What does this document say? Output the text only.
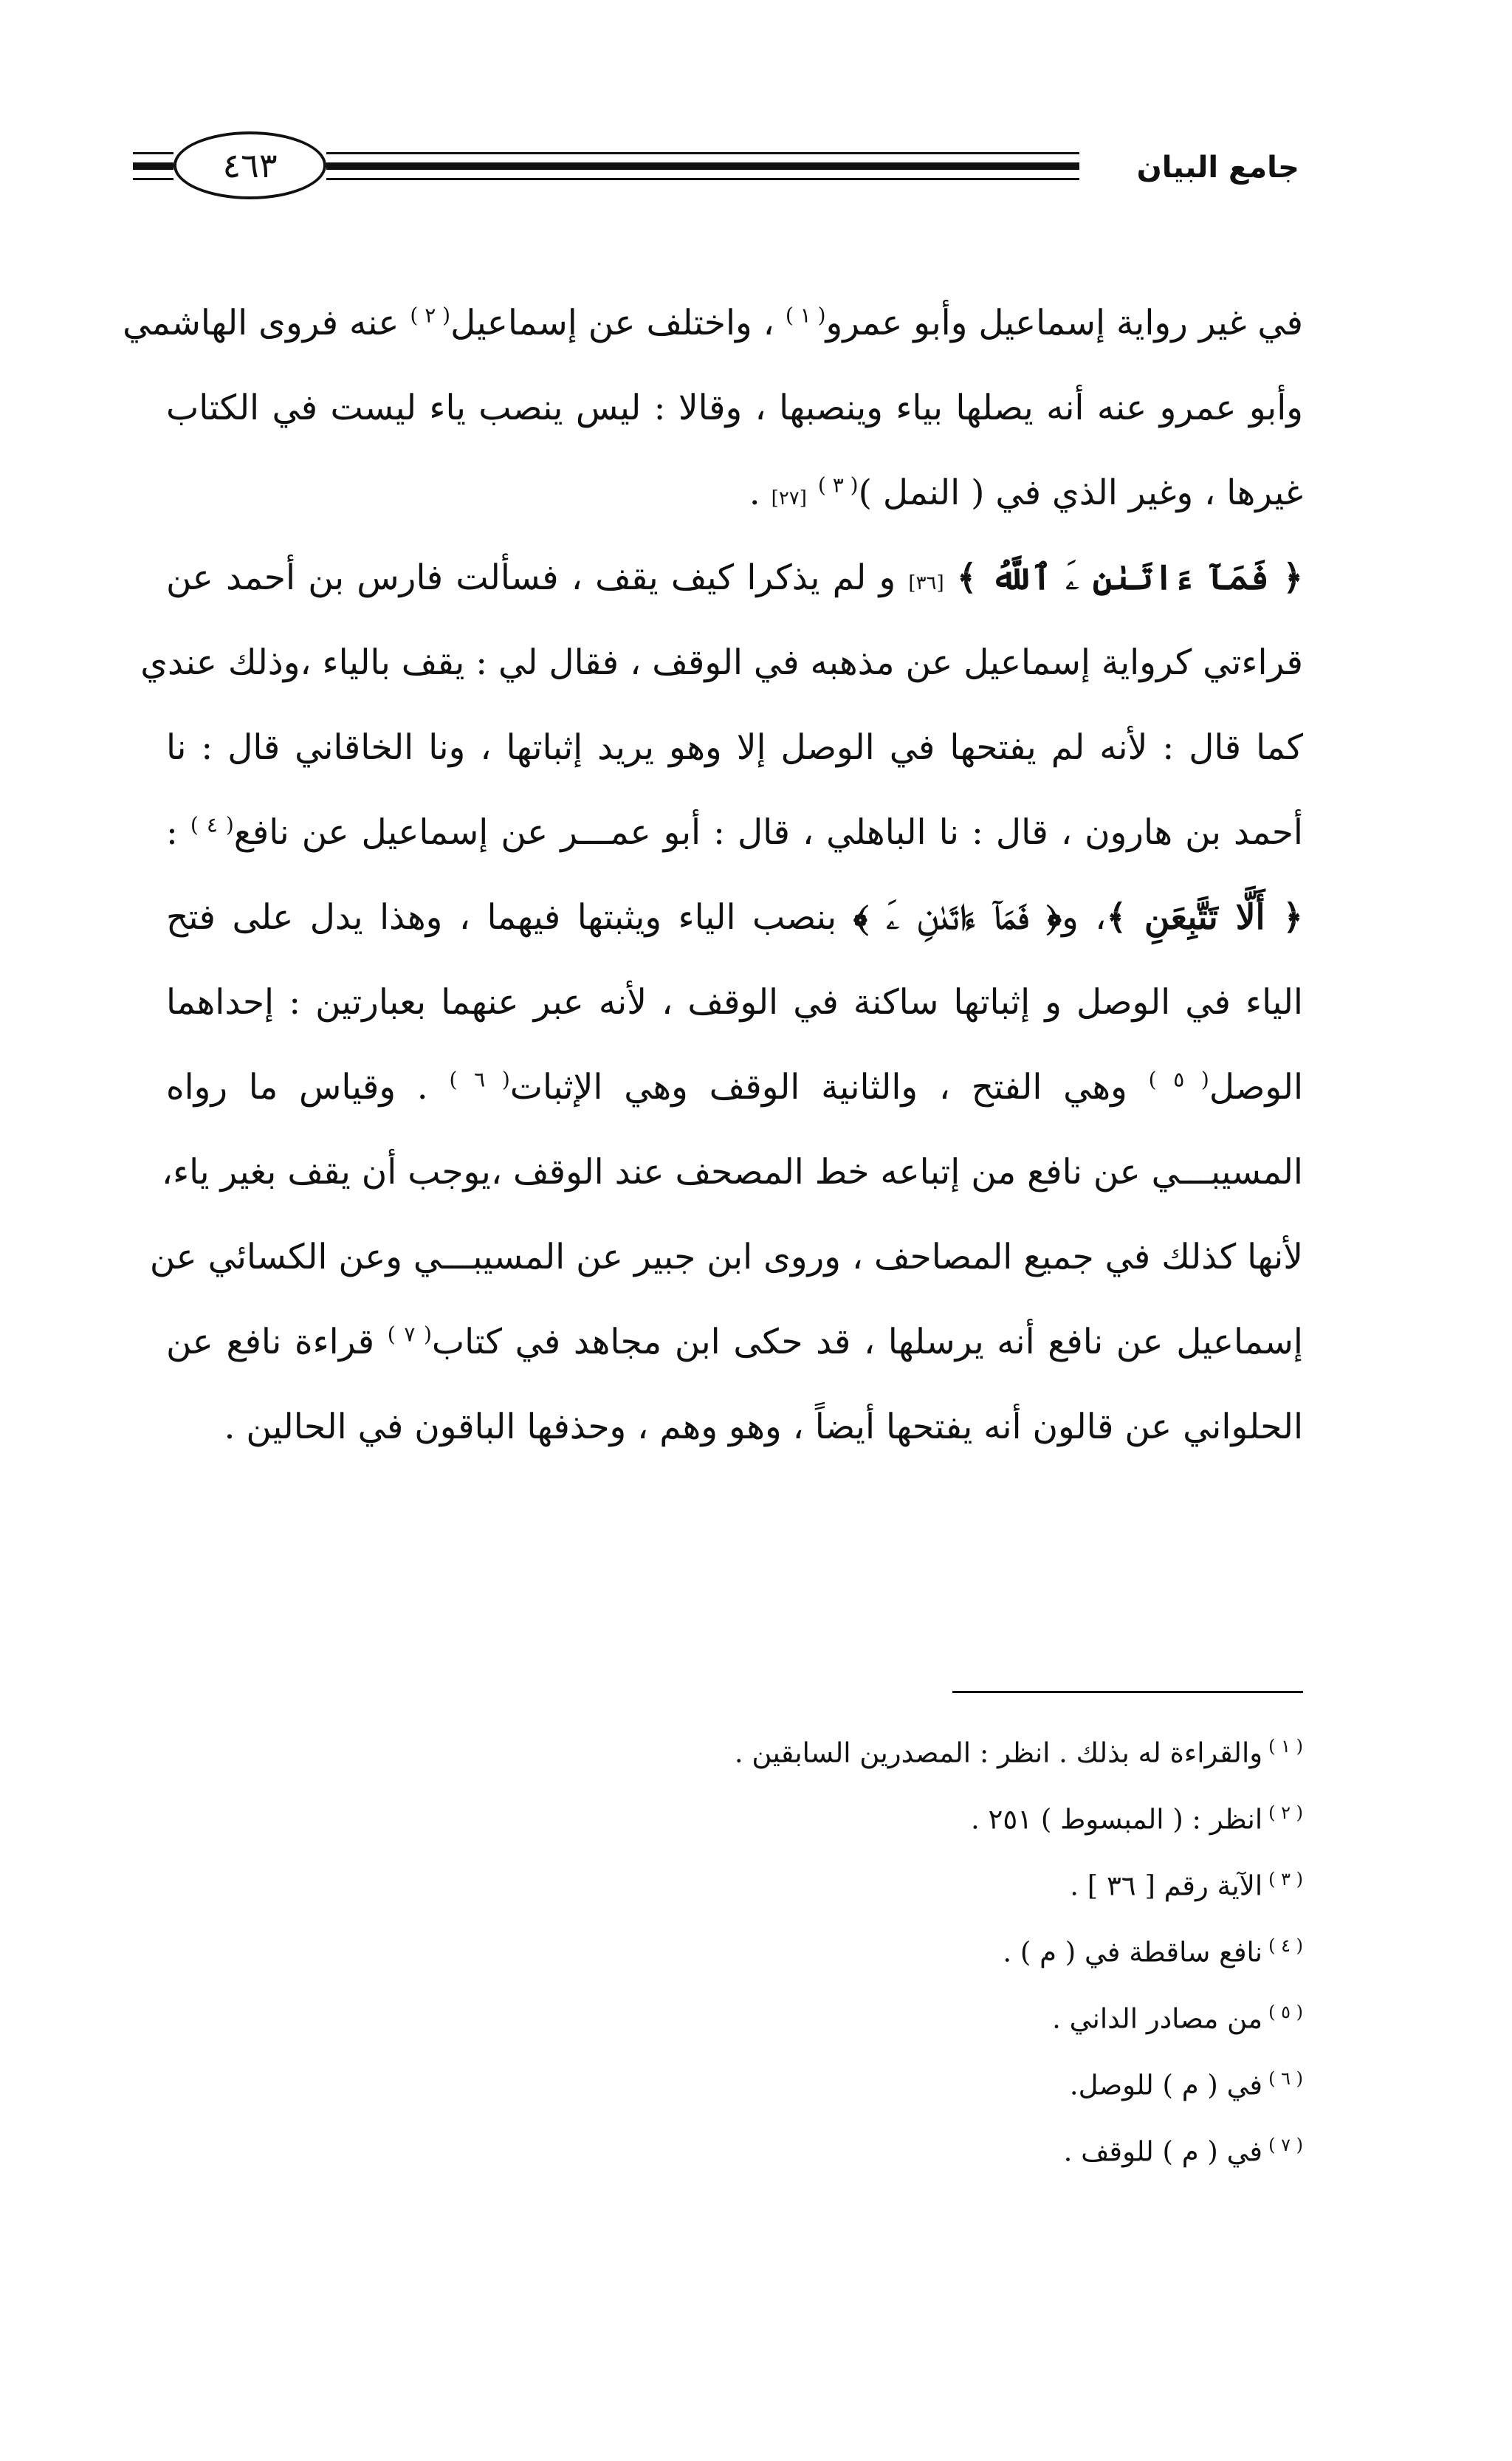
٤٦٣	جامع البيان
في غير رواية إسماعيل وأبو عمرو$^{( ١ )}$ ، واختلف عن إسماعيل$^{( ٢ )}$ عنه فروى الهاشمي
وأبو عمرو عنه أنه يصلها بياء وينصبها ، وقالا : ليس ينصب ياء ليست في الكتاب
غيرها ، وغير الذي في ( النمل )$^{( ٣ )}$ [٢٧] .
﴿ فَمَآ ءَاتَىٰنِ ۦَ ٱللَّهُ ﴾ [٣٦] و لم يذكرا كيف يقف ، فسألت فارس بن أحمد عن
قراءتي كرواية إسماعيل عن مذهبه في الوقف ، فقال لي : يقف بالياء ،وذلك عندي
كما قال : لأنه لم يفتحها في الوصل إلا وهو يريد إثباتها ، ونا الخاقاني قال : نا
أحمد بن هارون ، قال : نا الباهلي ، قال : أبو عمـــر عن إسماعيل عن نافع$^{( ٤ )}$ :
﴿ أَلَّا تَتَّبِعَنِ ﴾، و﴿ فَمَآ ءَاتَىٰنِ ۦَ ﴾ بنصب الياء ويثبتها فيهما ، وهذا يدل على فتح
الياء في الوصل و إثباتها ساكنة في الوقف ، لأنه عبر عنهما بعبارتين : إحداهما
الوصل$^{( ٥ )}$ وهي الفتح ، والثانية الوقف وهي الإثبات$^{( ٦ )}$ . وقياس ما رواه
المسيبـــي عن نافع من إتباعه خط المصحف عند الوقف ،يوجب أن يقف بغير ياء،
لأنها كذلك في جميع المصاحف ، وروى ابن جبير عن المسيبـــي وعن الكسائي عن
إسماعيل عن نافع أنه يرسلها ، قد حكى ابن مجاهد في كتاب$^{( ٧ )}$ قراءة نافع عن
الحلواني عن قالون أنه يفتحها أيضاً ، وهو وهم ، وحذفها الباقون في الحالين .
$^{( ١ )}$والقراءة له بذلك . انظر : المصدرين السابقين .
$^{( ٢ )}$انظر : ( المبسوط ) ٢٥١ .
$^{( ٣ )}$الآية رقم [ ٣٦ ] .
$^{( ٤ )}$نافع ساقطة في ( م ) .
$^{( ٥ )}$من مصادر الداني .
$^{( ٦ )}$في ( م ) للوصل.
$^{( ٧ )}$في ( م ) للوقف .
